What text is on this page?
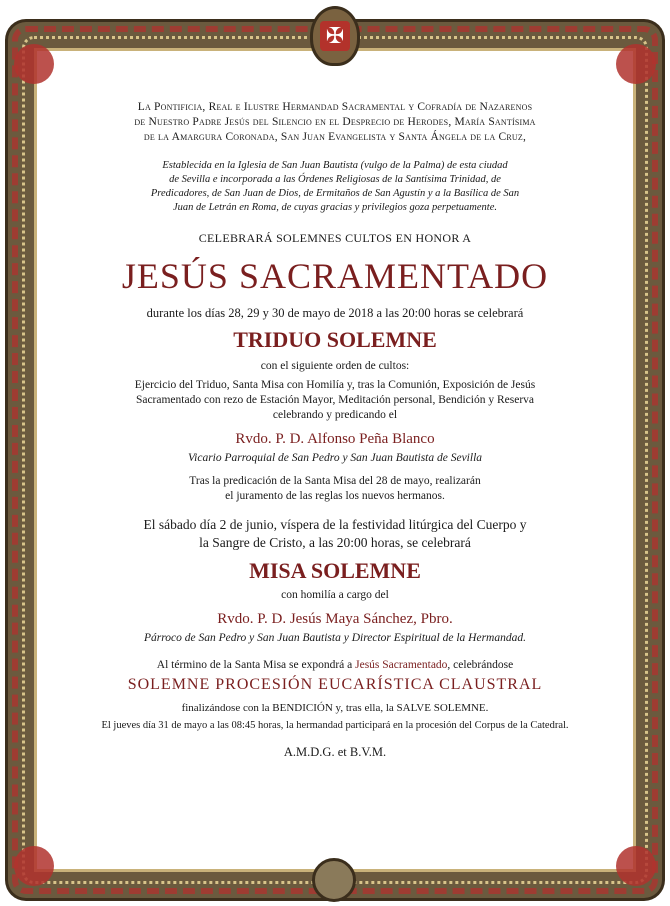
✠
La Pontificia, Real e Ilustre Hermandad Sacramental y Cofradía de Nazarenos
de Nuestro Padre Jesús del Silencio en el Desprecio de Herodes, María Santísima
de la Amargura Coronada, San Juan Evangelista y Santa Ángela de la Cruz,
Establecida en la Iglesia de San Juan Bautista (vulgo de la Palma) de esta ciudad
de Sevilla e incorporada a las Órdenes Religiosas de la Santísima Trinidad, de
Predicadores, de San Juan de Dios, de Ermitaños de San Agustín y a la Basílica de San
Juan de Letrán en Roma, de cuyas gracias y privilegios goza perpetuamente.
CELEBRARÁ SOLEMNES CULTOS EN HONOR A
JESÚS SACRAMENTADO
durante los días 28, 29 y 30 de mayo de 2018 a las 20:00 horas se celebrará
TRIDUO SOLEMNE
con el siguiente orden de cultos:
Ejercicio del Triduo, Santa Misa con Homilía y, tras la Comunión, Exposición de Jesús
Sacramentado con rezo de Estación Mayor, Meditación personal, Bendición y Reserva
celebrando y predicando el
Rvdo. P. D. Alfonso Peña Blanco
Vicario Parroquial de San Pedro y San Juan Bautista de Sevilla
Tras la predicación de la Santa Misa del 28 de mayo, realizarán
el juramento de las reglas los nuevos hermanos.
El sábado día 2 de junio, víspera de la festividad litúrgica del Cuerpo y
la Sangre de Cristo, a las 20:00 horas, se celebrará
MISA SOLEMNE
con homilía a cargo del
Rvdo. P. D. Jesús Maya Sánchez, Pbro.
Párroco de San Pedro y San Juan Bautista y Director Espiritual de la Hermandad.
Al término de la Santa Misa se expondrá a Jesús Sacramentado, celebrándose
SOLEMNE PROCESIÓN EUCARÍSTICA CLAUSTRAL
finalizándose con la BENDICIÓN y, tras ella, la SALVE SOLEMNE.
El jueves día 31 de mayo a las 08:45 horas, la hermandad participará en la procesión del Corpus de la Catedral.
A.M.D.G. et B.V.M.
